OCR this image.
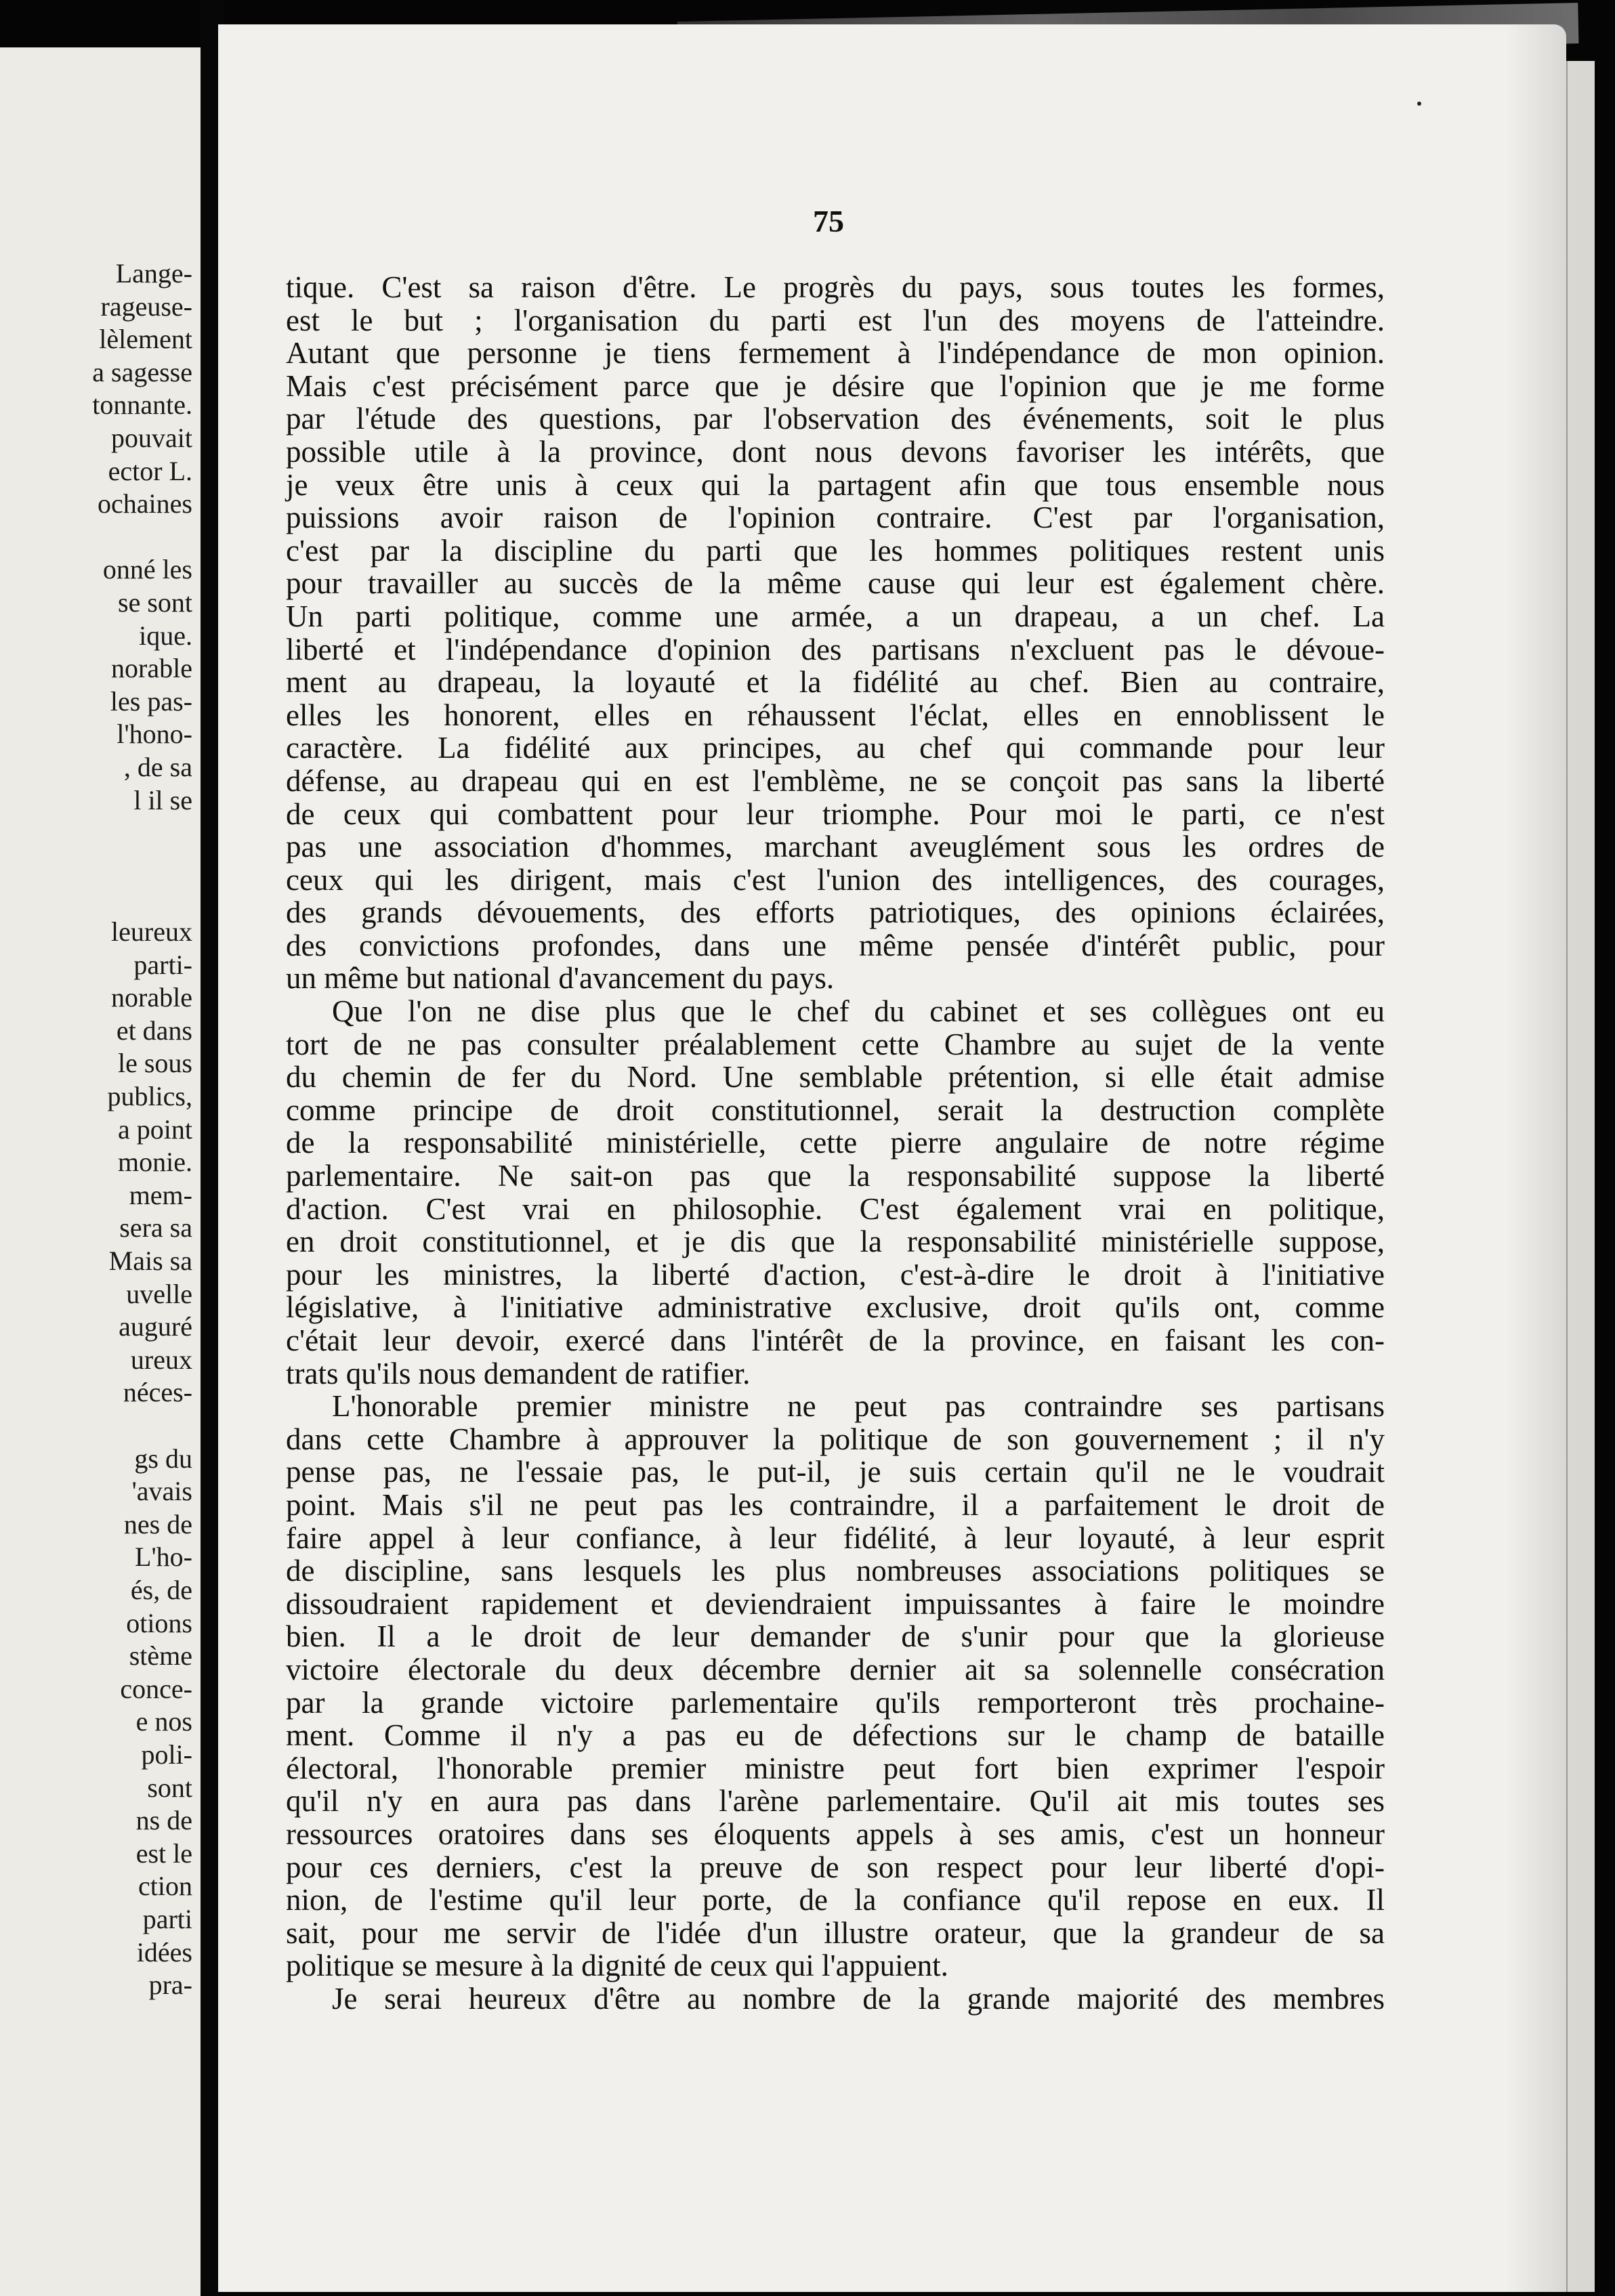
Lange-
rageuse-
lèlement
a sagesse
tonnante.
pouvait
ector L.
ochaines
onné les
se sont
ique.
norable
les pas-
l'hono-
, de sa
l il se
leureux
parti-
norable
et dans
le sous
publics,
a point
monie.
mem-
sera sa
Mais sa
uvelle
auguré
ureux
néces-
gs du
'avais
nes de
L'ho-
és, de
otions
stème
conce-
e nos
poli-
sont
ns de
est le
ction
parti
idées
pra-
75
tique. C'est sa raison d'être. Le progrès du pays, sous toutes les formes,
est le but ; l'organisation du parti est l'un des moyens de l'atteindre.
Autant que personne je tiens fermement à l'indépendance de mon opinion.
Mais c'est précisément parce que je désire que l'opinion que je me forme
par l'étude des questions, par l'observation des événements, soit le plus
possible utile à la province, dont nous devons favoriser les intérêts, que
je veux être unis à ceux qui la partagent afin que tous ensemble nous
puissions avoir raison de l'opinion contraire. C'est par l'organisation,
c'est par la discipline du parti que les hommes politiques restent unis
pour travailler au succès de la même cause qui leur est également chère.
Un parti politique, comme une armée, a un drapeau, a un chef. La
liberté et l'indépendance d'opinion des partisans n'excluent pas le dévoue-
ment au drapeau, la loyauté et la fidélité au chef. Bien au contraire,
elles les honorent, elles en réhaussent l'éclat, elles en ennoblissent le
caractère. La fidélité aux principes, au chef qui commande pour leur
défense, au drapeau qui en est l'emblème, ne se conçoit pas sans la liberté
de ceux qui combattent pour leur triomphe. Pour moi le parti, ce n'est
pas une association d'hommes, marchant aveuglément sous les ordres de
ceux qui les dirigent, mais c'est l'union des intelligences, des courages,
des grands dévouements, des efforts patriotiques, des opinions éclairées,
des convictions profondes, dans une même pensée d'intérêt public, pour
un même but national d'avancement du pays.
Que l'on ne dise plus que le chef du cabinet et ses collègues ont eu
tort de ne pas consulter préalablement cette Chambre au sujet de la vente
du chemin de fer du Nord. Une semblable prétention, si elle était admise
comme principe de droit constitutionnel, serait la destruction complète
de la responsabilité ministérielle, cette pierre angulaire de notre régime
parlementaire. Ne sait-on pas que la responsabilité suppose la liberté
d'action. C'est vrai en philosophie. C'est également vrai en politique,
en droit constitutionnel, et je dis que la responsabilité ministérielle suppose,
pour les ministres, la liberté d'action, c'est-à-dire le droit à l'initiative
législative, à l'initiative administrative exclusive, droit qu'ils ont, comme
c'était leur devoir, exercé dans l'intérêt de la province, en faisant les con-
trats qu'ils nous demandent de ratifier.
L'honorable premier ministre ne peut pas contraindre ses partisans
dans cette Chambre à approuver la politique de son gouvernement ; il n'y
pense pas, ne l'essaie pas, le put-il, je suis certain qu'il ne le voudrait
point. Mais s'il ne peut pas les contraindre, il a parfaitement le droit de
faire appel à leur confiance, à leur fidélité, à leur loyauté, à leur esprit
de discipline, sans lesquels les plus nombreuses associations politiques se
dissoudraient rapidement et deviendraient impuissantes à faire le moindre
bien. Il a le droit de leur demander de s'unir pour que la glorieuse
victoire électorale du deux décembre dernier ait sa solennelle consécration
par la grande victoire parlementaire qu'ils remporteront très prochaine-
ment. Comme il n'y a pas eu de défections sur le champ de bataille
électoral, l'honorable premier ministre peut fort bien exprimer l'espoir
qu'il n'y en aura pas dans l'arène parlementaire. Qu'il ait mis toutes ses
ressources oratoires dans ses éloquents appels à ses amis, c'est un honneur
pour ces derniers, c'est la preuve de son respect pour leur liberté d'opi-
nion, de l'estime qu'il leur porte, de la confiance qu'il repose en eux. Il
sait, pour me servir de l'idée d'un illustre orateur, que la grandeur de sa
politique se mesure à la dignité de ceux qui l'appuient.
Je serai heureux d'être au nombre de la grande majorité des membres
